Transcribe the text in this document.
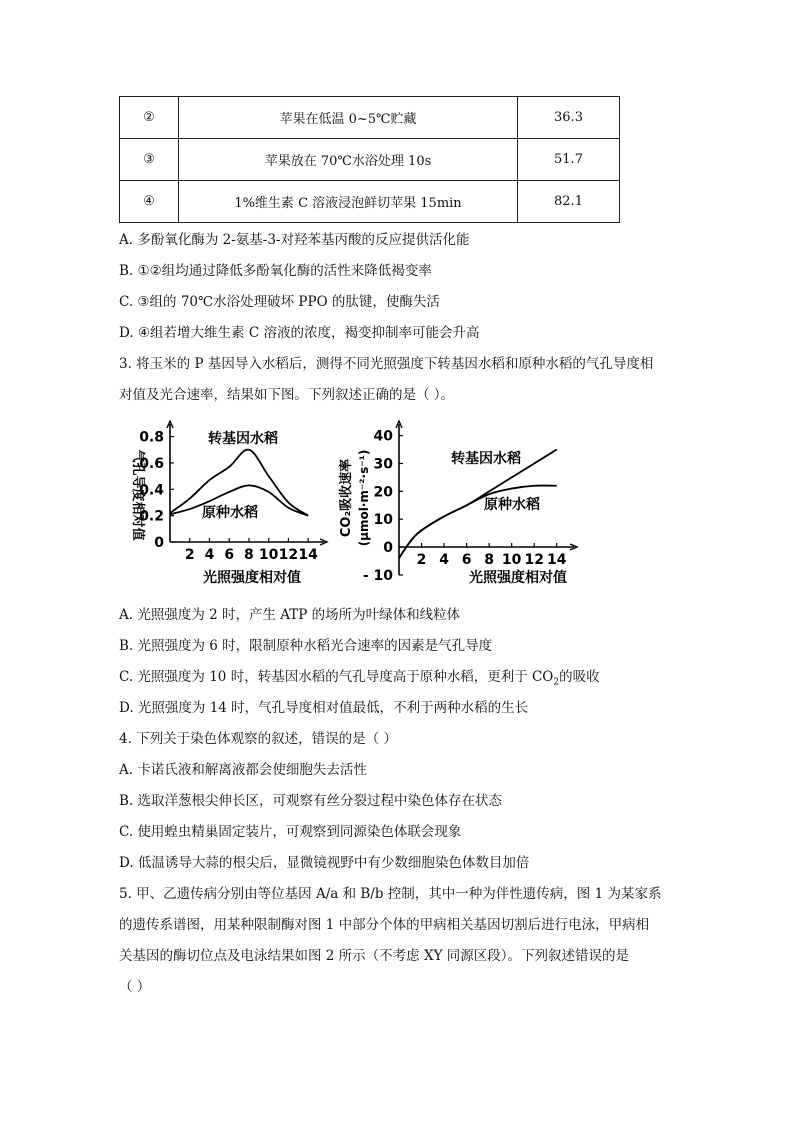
②	苹果在低温 0~5℃贮藏	36.3
③	苹果放在 70℃水浴处理 10s	51.7
④	1%维生素 C 溶液浸泡鲜切苹果 15min	82.1
A. 多酚氧化酶为 2-氨基-3-对羟苯基丙酸的反应提供活化能
B. ①②组均通过降低多酚氧化酶的活性来降低褐变率
C. ③组的 70℃水浴处理破坏 PPO 的肽键，使酶失活
D. ④组若增大维生素 C 溶液的浓度，褐变抑制率可能会升高
3. 将玉米的 P 基因导入水稻后，测得不同光照强度下转基因水稻和原种水稻的气孔导度相
对值及光合速率，结果如下图。下列叙述正确的是（ ）。
气孔导度相对值
光照强度相对值
转基因水稻
原种水稻
0.8
0.6
0.4
0.2
0
2 4 6 8 10 12 14
CO₂吸收速率 (μmol·m⁻²·s⁻¹)
光照强度相对值
转基因水稻
原种水稻
40
30
20
10
0
- 10
2 4 6 8 10 12 14
A. 光照强度为 2 时，产生 ATP 的场所为叶绿体和线粒体
B. 光照强度为 6 时，限制原种水稻光合速率的因素是气孔导度
C. 光照强度为 10 时，转基因水稻的气孔导度高于原种水稻，更利于 $CO_2$的吸收
D. 光照强度为 14 时，气孔导度相对值最低，不利于两种水稻的生长
4. 下列关于染色体观察的叙述，错误的是（ ）
A. 卡诺氏液和解离液都会使细胞失去活性
B. 选取洋葱根尖伸长区，可观察有丝分裂过程中染色体存在状态
C. 使用蝗虫精巢固定装片，可观察到同源染色体联会现象
D. 低温诱导大蒜的根尖后，显微镜视野中有少数细胞染色体数目加倍
5. 甲、乙遗传病分别由等位基因 A/a 和 B/b 控制，其中一种为伴性遗传病，图 1 为某家系
的遗传系谱图，用某种限制酶对图 1 中部分个体的甲病相关基因切割后进行电泳，甲病相
关基因的酶切位点及电泳结果如图 2 所示（不考虑 XY 同源区段）。下列叙述错误的是
（ ）
